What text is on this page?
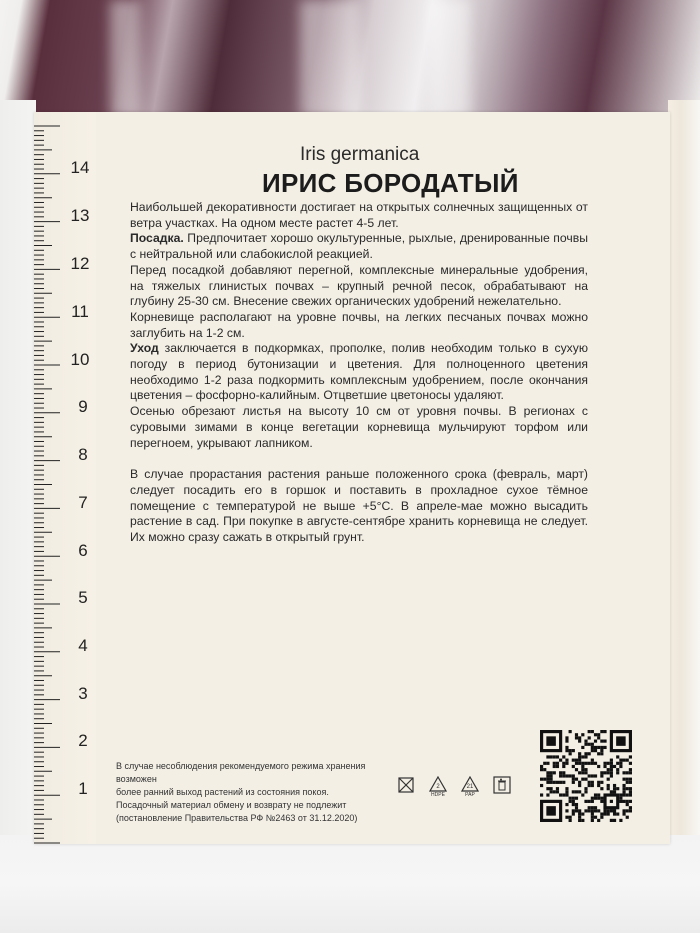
14
13
12
11
10
9
8
7
6
5
4
3
2
1
Iris germanica
ИРИС БОРОДАТЫЙ

Наибольшей декоративности достигает на открытых солнечных защищенных от ветра участках. На одном месте растет 4-5 лет.

Посадка. Предпочитает хорошо окультуренные, рыхлые, дренированные почвы с нейтральной или слабокислой реакцией.

Перед посадкой добавляют перегной, комплексные минеральные удобрения, на тяжелых глинистых почвах – крупный речной песок, обрабатывают на глубину 25-30 см. Внесение свежих органических удобрений нежелательно.

Корневище располагают на уровне почвы, на легких песчаных почвах можно заглубить на 1-2 см.

Уход заключается в подкормках, прополке, полив необходим только в сухую погоду в период бутонизации и цветения. Для полноценного цветения необходимо 1-2 раза подкормить комплексным удобрением, после окончания цветения – фосфорно-калийным. Отцветшие цветоносы удаляют.

Осенью обрезают листья на высоту 10 см от уровня почвы. В регионах с суровыми зимами в конце вегетации корневища мульчируют торфом или перегноем, укрывают лапником.

В случае прорастания растения раньше положенного срока (февраль, март) следует посадить его в горшок и поставить в прохладное сухое тёмное помещение с температурой не выше +5°С. В апреле-мае можно высадить растение в сад. При покупке в августе-сентябре хранить корневища не следует. Их можно сразу сажать в открытый грунт.

В случае несоблюдения рекомендуемого режима хранения возможен

более ранний выход растений из состояния покоя.

Посадочный материал обмену и возврату не подлежит

(постановление Правительства РФ №2463 от 31.12.2020)

2
HDPE
21
PAP
